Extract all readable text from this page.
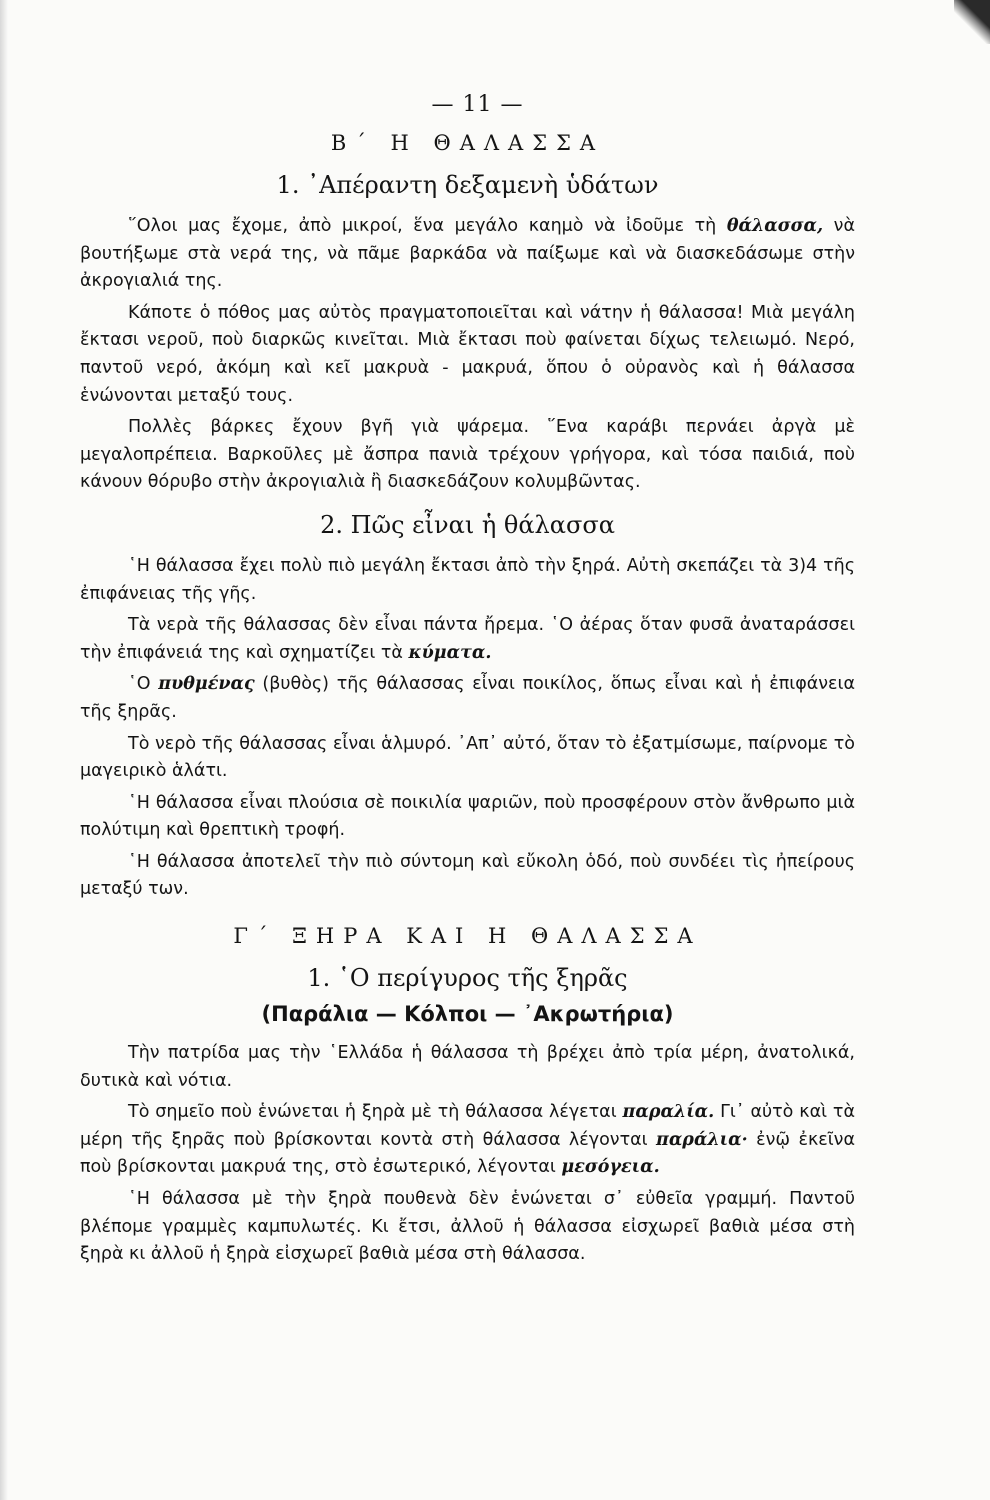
— 11 —
Β΄ Η ΘΑΛΑΣΣΑ
1. ᾿Απέραντη δεξαμενὴ ὑδάτων

῞Ολοι μας ἔχομε, ἀπὸ μικροί, ἕνα μεγάλο καημὸ νὰ ἰδοῦμε τὴ θάλασσα, νὰ βουτήξωμε στὰ νερά της, νὰ πᾶμε βαρκάδα νὰ παίξωμε καὶ νὰ διασκεδάσωμε στὴν ἀκρογιαλιά της.

Κάποτε ὁ πόθος μας αὐτὸς πραγματοποιεῖται καὶ νάτην ἡ θάλασσα! Μιὰ μεγάλη ἔκτασι νεροῦ, ποὺ διαρκῶς κινεῖται. Μιὰ ἔκτασι ποὺ φαίνεται δίχως τελειωμό. Νερό, παντοῦ νερό, ἀκόμη καὶ κεῖ μακρυὰ - μακρυά, ὅπου ὁ οὐρανὸς καὶ ἡ θάλασσα ἑνώνονται μεταξύ τους.

Πολλὲς βάρκες ἔχουν βγῆ γιὰ ψάρεμα. ῞Ενα καράβι περνάει ἀργὰ μὲ μεγαλοπρέπεια. Βαρκοῦλες μὲ ἄσπρα πανιὰ τρέχουν γρήγορα, καὶ τόσα παιδιά, ποὺ κάνουν θόρυβο στὴν ἀκρογιαλιὰ ἢ διασκεδάζουν κολυμβῶντας.

2. Πῶς εἶναι ἡ θάλασσα

῾Η θάλασσα ἔχει πολὺ πιὸ μεγάλη ἔκτασι ἀπὸ τὴν ξηρά. Αὐτὴ σκεπάζει τὰ 3)4 τῆς ἐπιφάνειας τῆς γῆς.

Τὰ νερὰ τῆς θάλασσας δὲν εἶναι πάντα ἤρεμα. ῾Ο ἀέρας ὅταν φυσᾶ ἀναταράσσει τὴν ἐπιφάνειά της καὶ σχηματίζει τὰ κύματα.

῾Ο πυθμένας (βυθὸς) τῆς θάλασσας εἶναι ποικίλος, ὅπως εἶναι καὶ ἡ ἐπιφάνεια τῆς ξηρᾶς.

Τὸ νερὸ τῆς θάλασσας εἶναι ἁλμυρό. ᾿Απ᾿ αὐτό, ὅταν τὸ ἐξατμίσωμε, παίρνομε τὸ μαγειρικὸ ἁλάτι.

῾Η θάλασσα εἶναι πλούσια σὲ ποικιλία ψαριῶν, ποὺ προσφέρουν στὸν ἄνθρωπο μιὰ πολύτιμη καὶ θρεπτικὴ τροφή.

῾Η θάλασσα ἀποτελεῖ τὴν πιὸ σύντομη καὶ εὔκολη ὁδό, ποὺ συνδέει τὶς ἠπείρους μεταξύ των.

Γ΄ ΞΗΡΑ ΚΑΙ Η ΘΑΛΑΣΣΑ
1. ῾Ο περίγυρος τῆς ξηρᾶς
(Παράλια — Κόλποι — ᾿Ακρωτήρια)

Τὴν πατρίδα μας τὴν ῾Ελλάδα ἡ θάλασσα τὴ βρέχει ἀπὸ τρία μέρη, ἀνατολικά, δυτικὰ καὶ νότια.

Τὸ σημεῖο ποὺ ἑνώνεται ἡ ξηρὰ μὲ τὴ θάλασσα λέγεται παραλία. Γι᾿ αὐτὸ καὶ τὰ μέρη τῆς ξηρᾶς ποὺ βρίσκονται κοντὰ στὴ θάλασσα λέγονται παράλια· ἐνῷ ἐκεῖνα ποὺ βρίσκονται μακρυά της, στὸ ἐσωτερικό, λέγονται μεσόγεια.

῾Η θάλασσα μὲ τὴν ξηρὰ πουθενὰ δὲν ἑνώνεται σ᾿ εὐθεῖα γραμμή. Παντοῦ βλέπομε γραμμὲς καμπυλωτές. Κι ἔτσι, ἀλλοῦ ἡ θάλασσα εἰσχωρεῖ βαθιὰ μέσα στὴ ξηρὰ κι ἀλλοῦ ἡ ξηρὰ εἰσχωρεῖ βαθιὰ μέσα στὴ θάλασσα.
